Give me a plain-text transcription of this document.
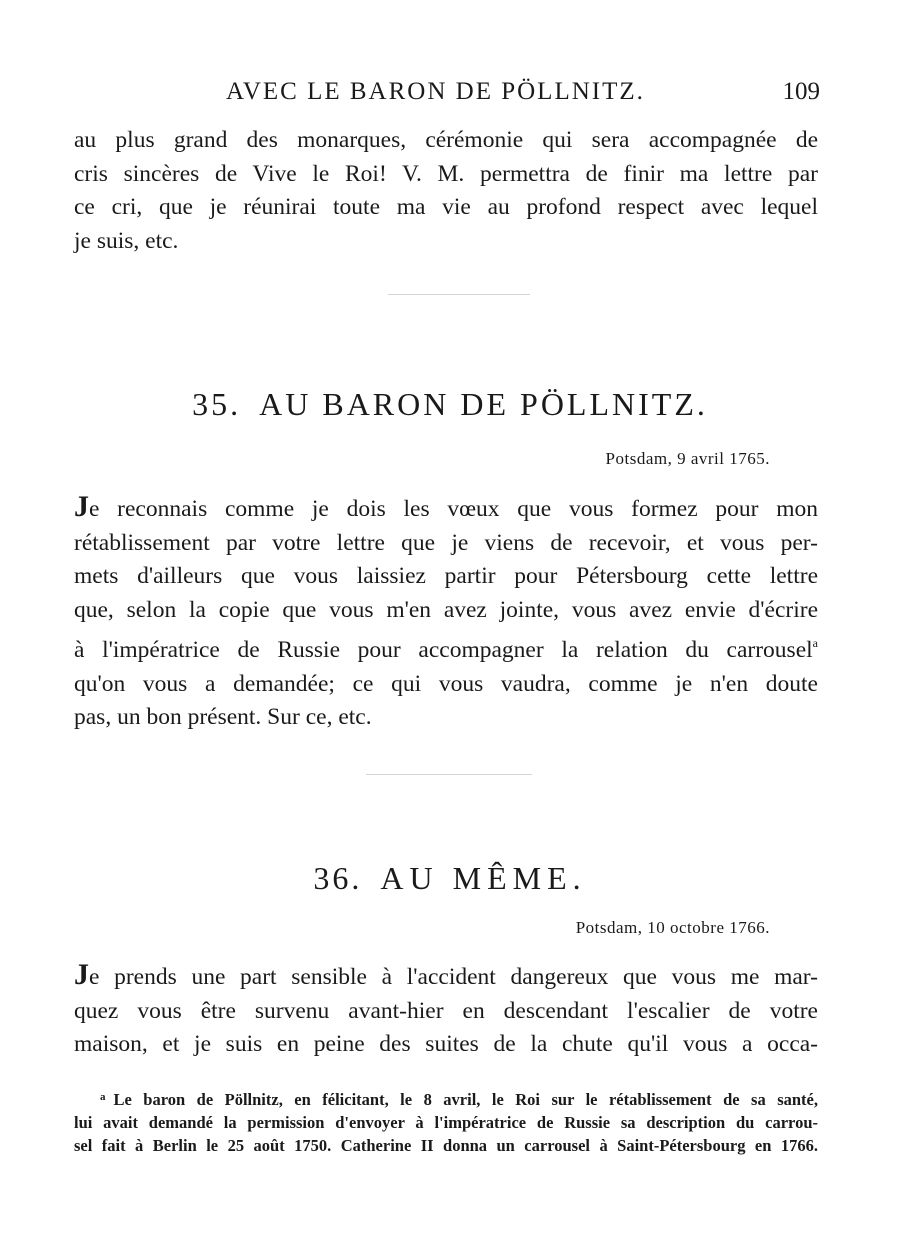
AVEC LE BARON DE PÖLLNITZ.	109
au plus grand des monarques, cérémonie qui sera accompagnée de
cris sincères de Vive le Roi! V. M. permettra de finir ma lettre par
ce cri, que je réunirai toute ma vie au profond respect avec lequel
je suis, etc.
35. AU BARON DE PÖLLNITZ.
Potsdam, 9 avril 1765.
Je reconnais comme je dois les vœux que vous formez pour mon
rétablissement par votre lettre que je viens de recevoir, et vous per-
mets d'ailleurs que vous laissiez partir pour Pétersbourg cette lettre
que, selon la copie que vous m'en avez jointe, vous avez envie d'écrire
à l'impératrice de Russie pour accompagner la relation du carrousel$^a$
qu'on vous a demandée; ce qui vous vaudra, comme je n'en doute
pas, un bon présent. Sur ce, etc.
36. AU MÊME.
Potsdam, 10 octobre 1766.
Je prends une part sensible à l'accident dangereux que vous me mar-
quez vous être survenu avant-hier en descendant l'escalier de votre
maison, et je suis en peine des suites de la chute qu'il vous a occa-
$^a$ Le baron de Pöllnitz, en félicitant, le 8 avril, le Roi sur le rétablissement de sa santé,
lui avait demandé la permission d'envoyer à l'impératrice de Russie sa description du carrou-
sel fait à Berlin le 25 août 1750. Catherine II donna un carrousel à Saint-Pétersbourg en 1766.
